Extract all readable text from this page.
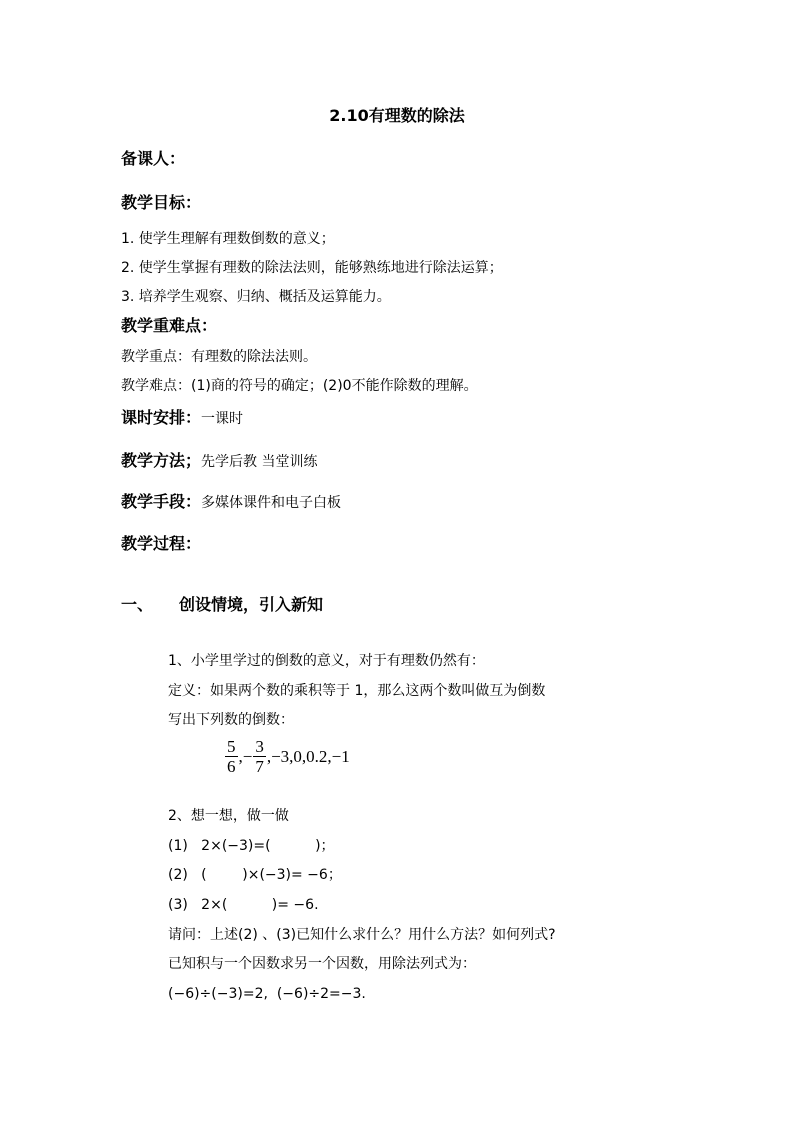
2.10有理数的除法
备课人：
教学目标：
1. 使学生理解有理数倒数的意义；
2. 使学生掌握有理数的除法法则，能够熟练地进行除法运算；
3. 培养学生观察、归纳、概括及运算能力。
教学重难点：
教学重点：有理数的除法法则。
教学难点：(1)商的符号的确定；(2)0不能作除数的理解。
课时安排：一课时
教学方法；先学后教 当堂训练
教学手段：多媒体课件和电子白板
教学过程：
一、 创设情境，引入新知
1、小学里学过的倒数的意义，对于有理数仍然有：
定义：如果两个数的乘积等于 1，那么这两个数叫做互为倒数
写出下列数的倒数：
$\frac{5}{6}$ ,− $\frac{3}{7} ,-3,0,0.2,-1$
2、想一想，做一做
(1)   2×(−3)=(          )；
(2)   (        )×(−3)= −6；
(3)   2×(          )= −6.
请问：上述(2) 、(3)已知什么求什么？用什么方法？如何列式?
已知积与一个因数求另一个因数，用除法列式为：
(−6)÷(−3)=2,  (−6)÷2=−3.
